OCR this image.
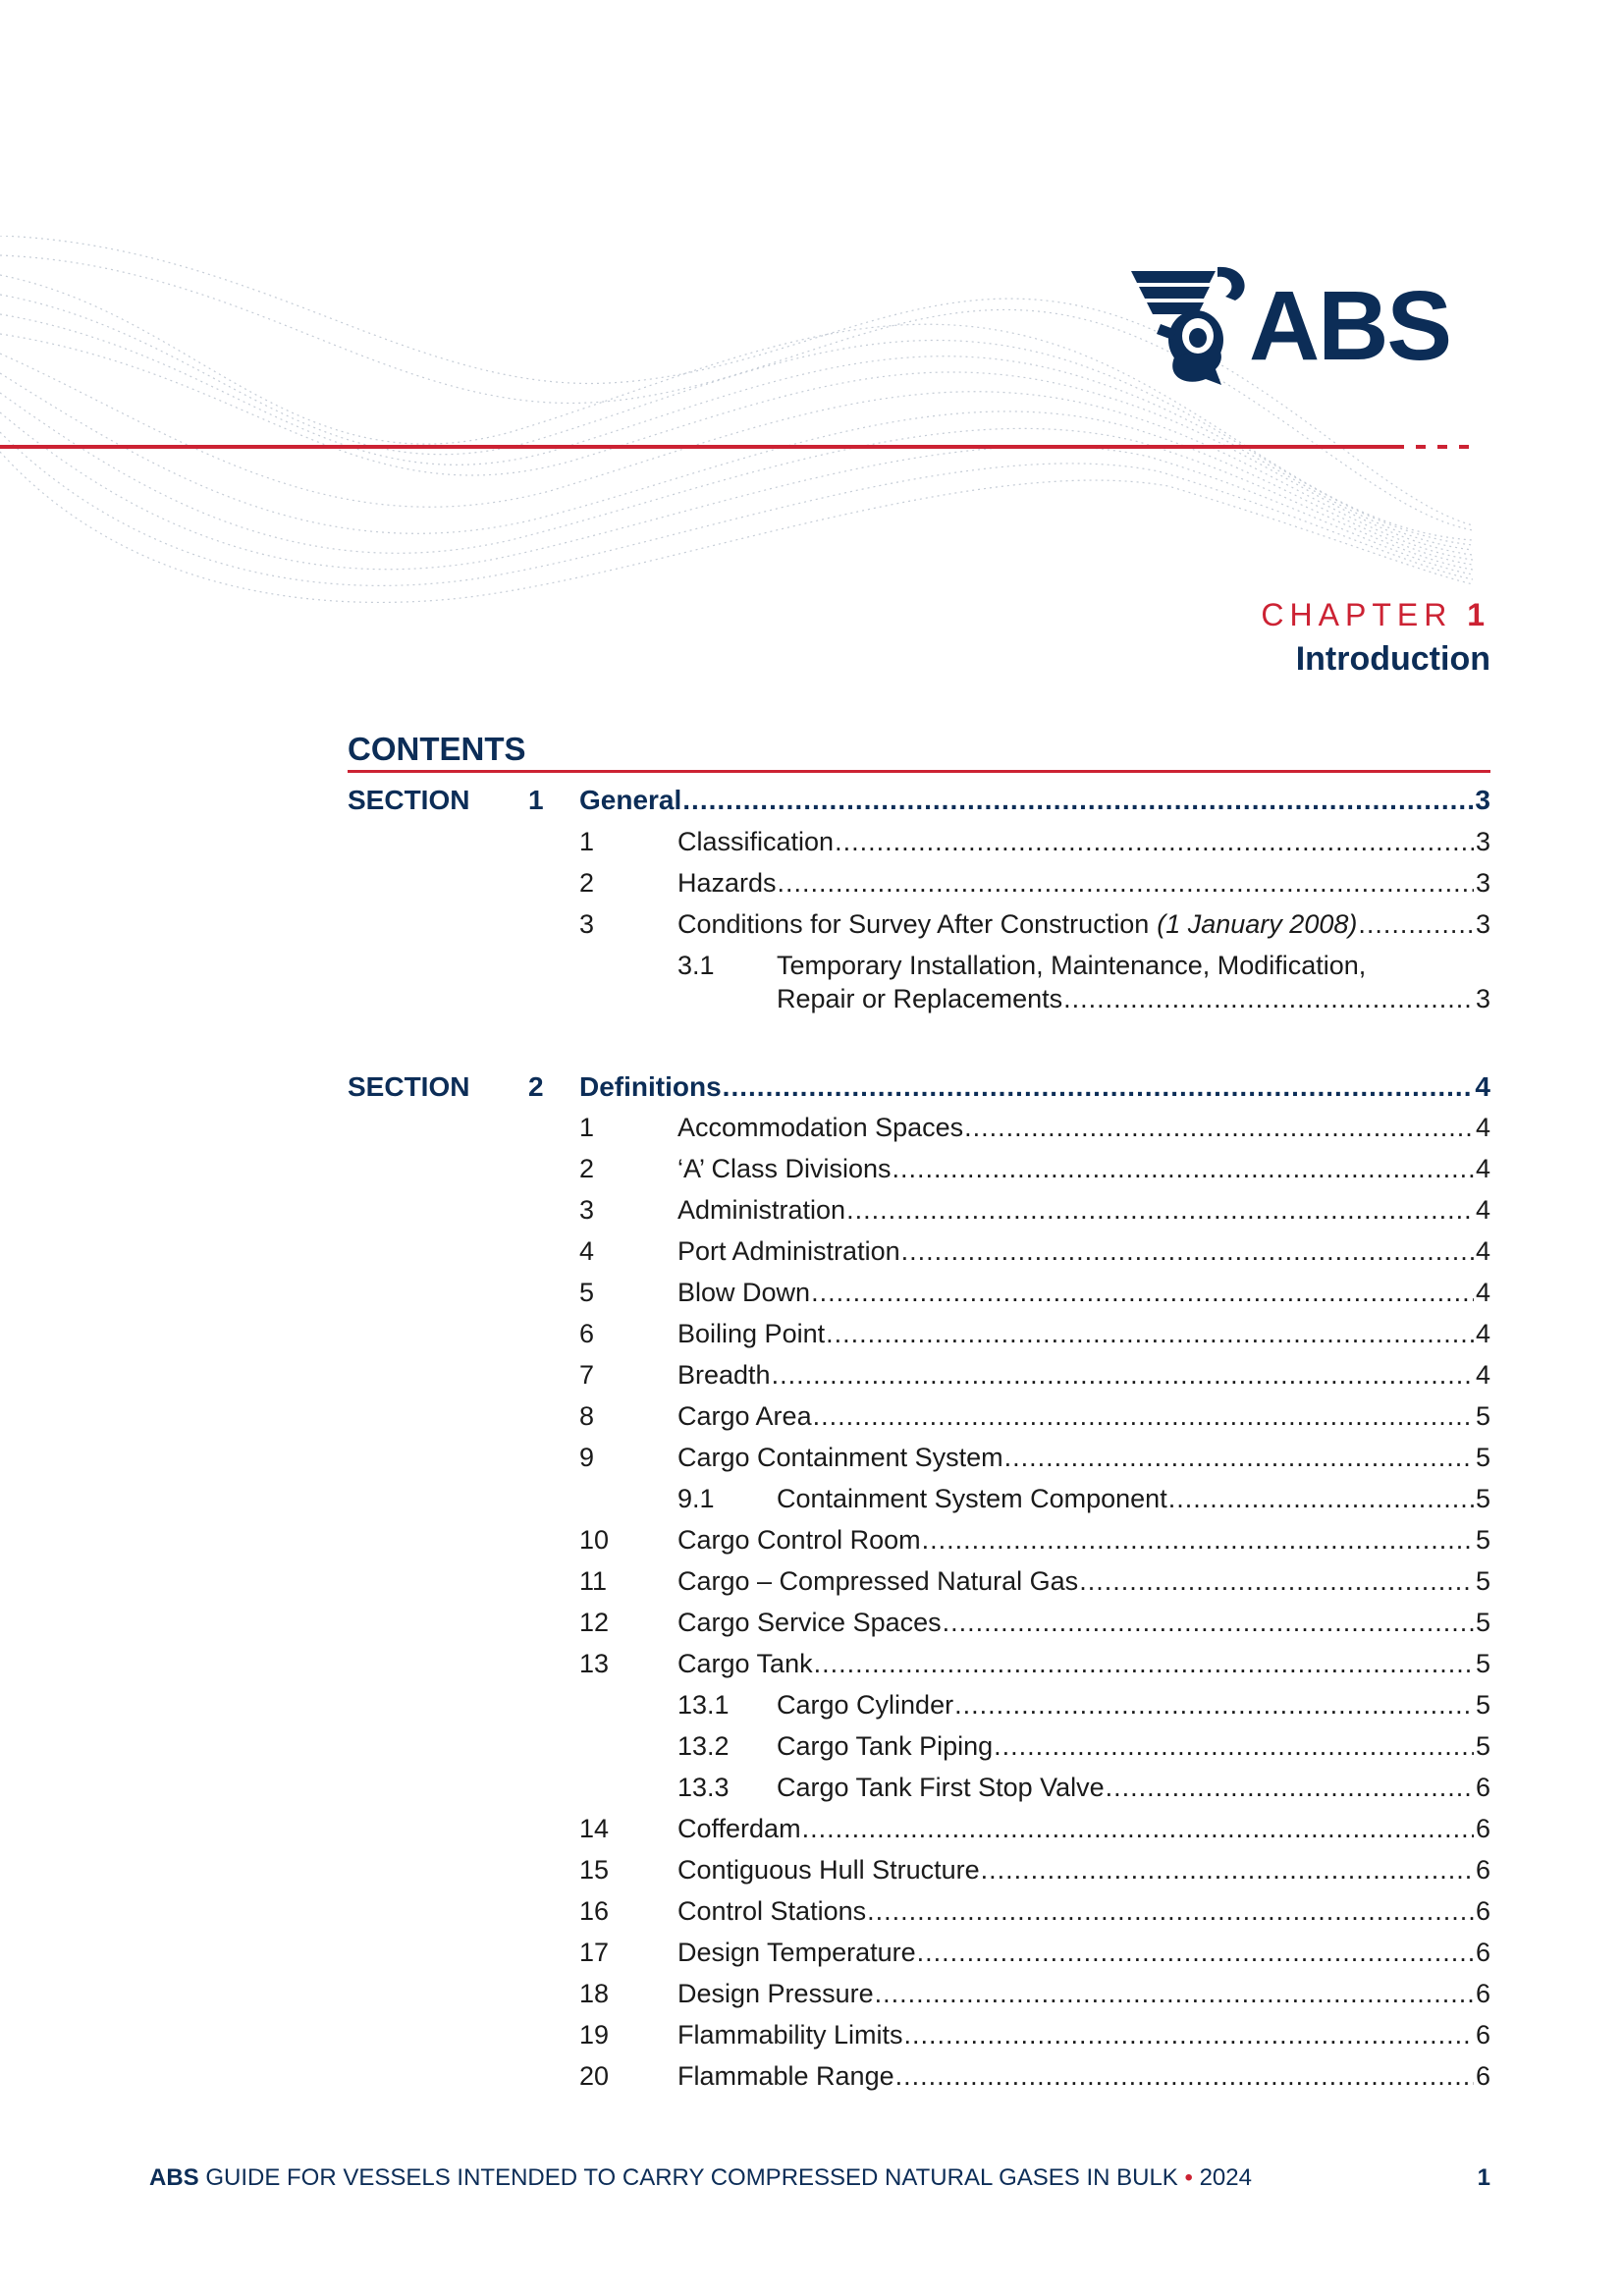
ABS
CHAPTER 1
Introduction
CONTENTS
SECTION 1 General .....	3
1	Classification .....	3
2	Hazards .....	3
3	Conditions for Survey After Construction (1 January 2008) .....	3
3.1 Temporary Installation, Maintenance, Modification,
Repair or Replacements .....	3
SECTION 2 Definitions .....	4
1	Accommodation Spaces .....	4
2	‘A’ Class Divisions .....	4
3	Administration .....	4
4	Port Administration .....	4
5	Blow Down .....	4
6	Boiling Point .....	4
7	Breadth .....	4
8	Cargo Area .....	5
9	Cargo Containment System .....	5
9.1 Containment System Component .....	5
10	Cargo Control Room .....	5
11	Cargo – Compressed Natural Gas .....	5
12	Cargo Service Spaces .....	5
13	Cargo Tank .....	5
13.1 Cargo Cylinder .....	5
13.2 Cargo Tank Piping .....	5
13.3 Cargo Tank First Stop Valve .....	6
14	Cofferdam .....	6
15	Contiguous Hull Structure .....	6
16	Control Stations .....	6
17	Design Temperature .....	6
18	Design Pressure .....	6
19	Flammability Limits .....	6
20	Flammable Range .....	6
ABS GUIDE FOR VESSELS INTENDED TO CARRY COMPRESSED NATURAL GASES IN BULK • 2024	1
